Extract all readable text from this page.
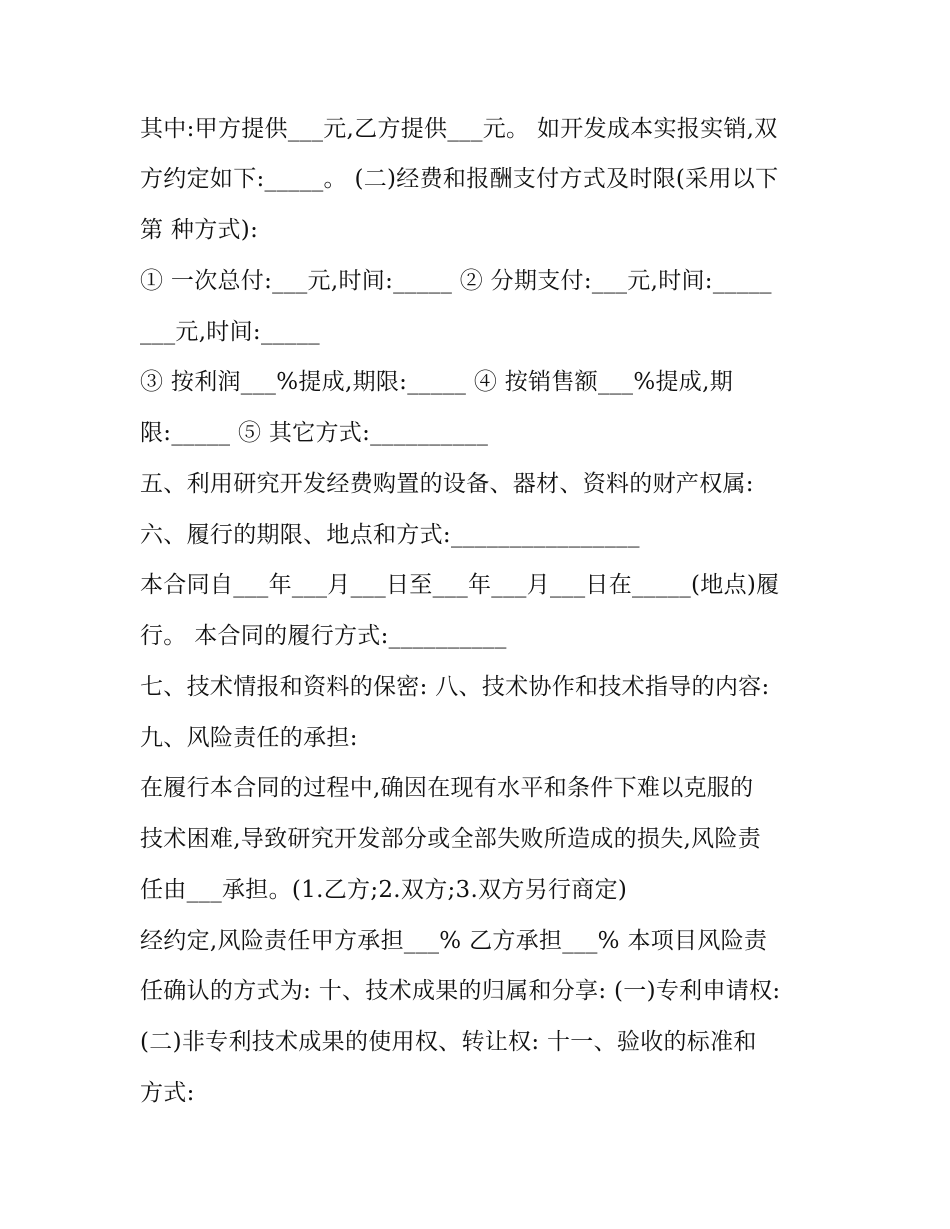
其中:甲方提供___元,乙方提供___元。 如开发成本实报实销,双

方约定如下:_____。 (二)经费和报酬支付方式及时限(采用以下

第 种方式):

① 一次总付:___元,时间:_____ ② 分期支付:___元,时间:_____

___元,时间:_____

③ 按利润___%提成,期限:_____ ④ 按销售额___%提成,期

限:_____ ⑤ 其它方式:__________

五、利用研究开发经费购置的设备、器材、资料的财产权属:

六、履行的期限、地点和方式:________________

本合同自___年___月___日至___年___月___日在_____(地点)履

行。 本合同的履行方式:__________

七、技术情报和资料的保密: 八、技术协作和技术指导的内容:

九、风险责任的承担:

在履行本合同的过程中,确因在现有水平和条件下难以克服的

技术困难,导致研究开发部分或全部失败所造成的损失,风险责

任由___承担。(1.乙方;2.双方;3.双方另行商定)

经约定,风险责任甲方承担___% 乙方承担___% 本项目风险责

任确认的方式为: 十、技术成果的归属和分享: (一)专利申请权:

(二)非专利技术成果的使用权、转让权: 十一、验收的标准和

方式:
